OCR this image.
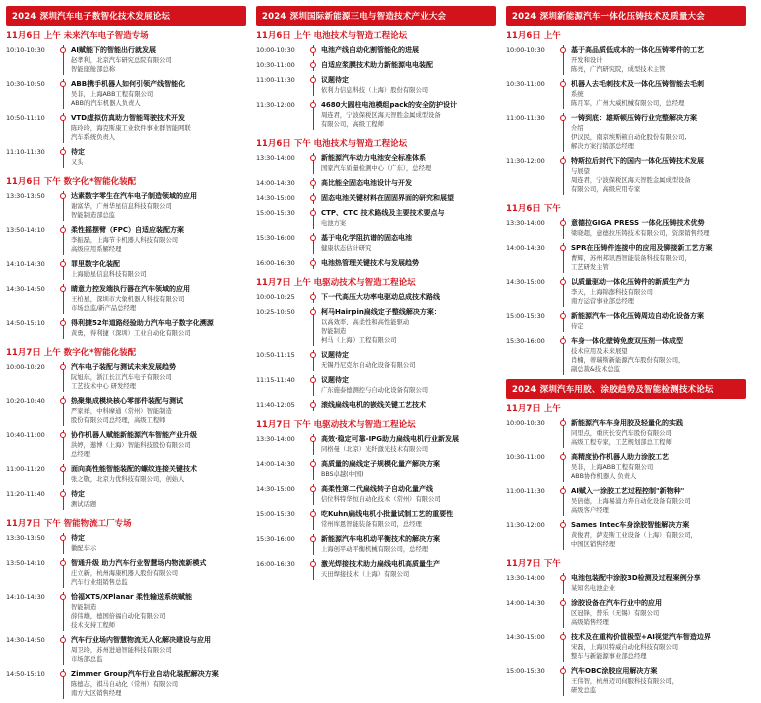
2024 深圳汽车电子数智化技术发展论坛
11月6日 上午 未来汽车电子智造专场
10:10-10:30	AI֢赋能下的智能出行就发展
赵孝利，北京汽车研究总院有限公司
智能座舱部总称
10:30-10:50	ABB携手机器人如何引领产线智能化
吴非，上海ABB工程有限公司
ABB的汽车机器人负责人
10:50-11:10	VTD虚拟仿真助力智能驾驶技术开发
陈玲玲，海克斯康工业软件事业群智能网联
汽车系统负责人
11:10-11:30	待定
又头
11月6日 下午 数字化*智能化装配
13:30-13:50	达素数字零生在汽车电子制造领域的应用
谢富华，广州华星信息科技有限公司
智能制造部总监
13:50-14:10	柔性摇摆臂（FPC）自适应装配方案
李振磊，上海节卡机器人科技有限公司
高级应用系解经理
14:10-14:30	罪里数字化装配
上海励星信息科技有限公司
14:30-14:50	睛意力控发端执行器在汽车领域的应用
王柏星，深圳市大象机器人科技有限公司
市场总监/新产品总经理
14:50-15:10	得利捷52年道路经验助力汽车电子数字化溯源
黄勇，得利捷（深圳）工业自动化有限公司
11月7日 上午 数字化*智能化装配
10:00-10:20	汽车电子装配与测试未来发展趋势
阮旭东，浙江长江汽车电子有限公司
工艺技术中心 研发经理
10:20-10:40	热聚集成模块核心零部件装配与测试
严家祥，中科摩通（常州）智能制造
股份有限公司总经理，高级工程师
10:40-11:00	协作机器人赋能新能源汽车智能产业升级
洪婷，遨博（上海）智能科技股份有限公司
总经理
11:00-11:20	面向高性能智能装配的螺纹连接关键技术
张之敬，北京力优科技有限公司，创始人
11:20-11:40	待定
测试话题
11月7日 下午 智能物流工厂专场
13:30-13:50	待定
徽配车示
13:50-14:10	智通升级 助力汽车行业智慧场内物流新模式
庄立新，杭州海康机器人股份有限公司
汽车行业组销售总监
14:10-14:30	恰福XTS/XPlanar 柔性输送系统赋能
智能制造
薛伟雄，德国倍福自动化有限公司
技术支持工程师
14:30-14:50	汽车行业场内智慧物流无人化解决建设与应用
周卫玲，苏州进迪智能科技有限公司
市场部总监
14:50-15:10	Zimmer Group汽车行业自动化装配解决方案
陈德志，祺马自动化（常州）有限公司
南方大区销售经理
2024 深圳国际新能源三电与智造技术产业大会
11月6日 上午 电池技术与智造工程论坛
10:00-10:30	电池产线自动化割管能化的进展
10:30-11:00	自适应浆膜技术助力新能源电电装配
11:00-11:30	议题待定
依利力信息科技（上海）股份有限公司
11:30-12:00	4680大圆柱电池模组pack的安全防护设计
周连君，宁波保税区海天智胜金属成型设备
有限公司，高级工程师
11月6日 下午 电池技术与智造工程论坛
13:30-14:00	新能源汽车动力电池安全标准体系
国家汽车质量检测中心（广东），总经理
14:00-14:30	高比能全固态电池设计与开发
14:30-15:00	固态电池关键材料在固固界面的研究和展望
15:00-15:30	CTP、CTC 技术路线及主要技术要点与
电池方案
15:30-16:00	基于电化学阻抗谱的固态电池
健康状态估计研究
16:00-16:30	电池热管理关键技术与发展趋势
11月7日 上午 电驱动技术与智造工程论坛
10:00-10:25	下一代高压大功率电驱动总成技术路线
10:25-10:50	柯马Hairpin扁线定子整线解决方案：
以高效率、高柔性和高性能驱动
智能制造
柯马（上海）工程有限公司
10:50-11:15	议题待定
无锡丹尼克尔自动化设备有限公司
11:15-11:40	议题待定
广东施泰德测控与自动化设备有限公司
11:40-12:05	滚线扁线电机的嵌线关键工艺技术
11月7日 下午 电驱动技术与智造工程论坛
13:30-14:00	高效·稳定可靠-IPG助力扁线电机行业新发展
同格曼（北京）光纤激光技术有限公司
14:00-14:30	高质量的扁线定子规模化量产解决方案
BBS卓越(中国)
14:30-15:00	高柔性第二代扁线转子自动化量产线
信位科特华恒自动化技术（常州）有限公司
15:00-15:30	吃Kuhn扁线电机小批量试制工艺的重要性
常州库恩智能装备有限公司，总经理
15:30-16:00	新能源汽车电机动平衡技术的解决方案
上海创平动平衡机械有限公司，总经理
16:00-16:30	激光焊接技术助力扁线电机高质量生产
天田焊接技术（上海）有限公司
2024 深圳新能源汽车一体化压铸技术及质量大会
11月6日 上午
10:00-10:30	基于高品质低成本的一体化压铸零件的工艺
开发和设计
陈亮，广汽研究院，成型技术主管
10:30-11:00	机器人去毛刺技术及一体化压铸智能去毛刺
系统
陈月军，广州大威机械有限公司，总经理
11:00-11:30	一铸到底：雄斯顿压铸行业完整解决方案
介绍
伊汉民，南京埃斯顿自动化股份有限公司,
解决方案行销部总经理
11:30-12:00	特斯拉后封代下的国内一体化压铸技术发展
与展望
周连君，宁波保税区海天智胜金属成型设备
有限公司，高级应用专家
11月6日 下午
13:30-14:00	意德拉GIGA PRESS 一体化压铸技术优势
梁晓超，意德拉压铸技术有限公司，资深销售经理
14:00-14:30	SPR在压铸件连接中的应用及铆接新工艺方案
曹辉，苏州邦讯西智能装备科技有限公司，
工艺研发主管
14:30-15:00	以质量驱动一体化压铸件的新质生产力
李天，上海锦澎科技有限公司
南方运营事业部总经理
15:00-15:30	新能源汽车一体化压铸周边自动化设备方案
待定
15:30-16:00	车身一体化壁铸免废双压剂一体成型
技术应用及未来展望
肖楠，蒂瑞斯新能源汽车股份有限公司，
副总裁&技术总监
2024 深圳汽车用胶、涂胶趋势及智能检测技术论坛
11月7日 上午
10:00-10:30	新能源汽车车身用胶及轻量化的实践
同里点，重庆长安汽车股份有限公司
高级工程专家，工艺规划部总工程师
10:30-11:00	高精度协作机器人助力涂胶工艺
吴非，上海ABB工程有限公司
ABB协作机器人 负责人
11:00-11:30	AI赋入一涂胶工艺过程控制"新物种"
吴倍德，上海易浦力奔自动化设备有限公司
高级客户经理
11:30-12:00	Sames Intec车身涂胶智能解决方案
黄俊君，萨麦斯工业设备（上海）有限公司，
中国区销售经理
11月7日 下午
13:30-14:00	电池包装配中涂胶3D检测及过程案例分享
某知名电池企业
14:00-14:30	涂胶设备在汽车行业中的应用
区冠锋，普乐（无锡）有限公司
高级销售经理
14:30-15:00	技术及在重构价值极型+AI视觉汽车智造边界
宋磊，上海贝特威自动化科技有限公司
整车与新能源事业部总经理
15:00-15:30	汽车OBC涂胶应用解决方案
王伟智，杭州迈司伺服科技有限公司，
研发总监
